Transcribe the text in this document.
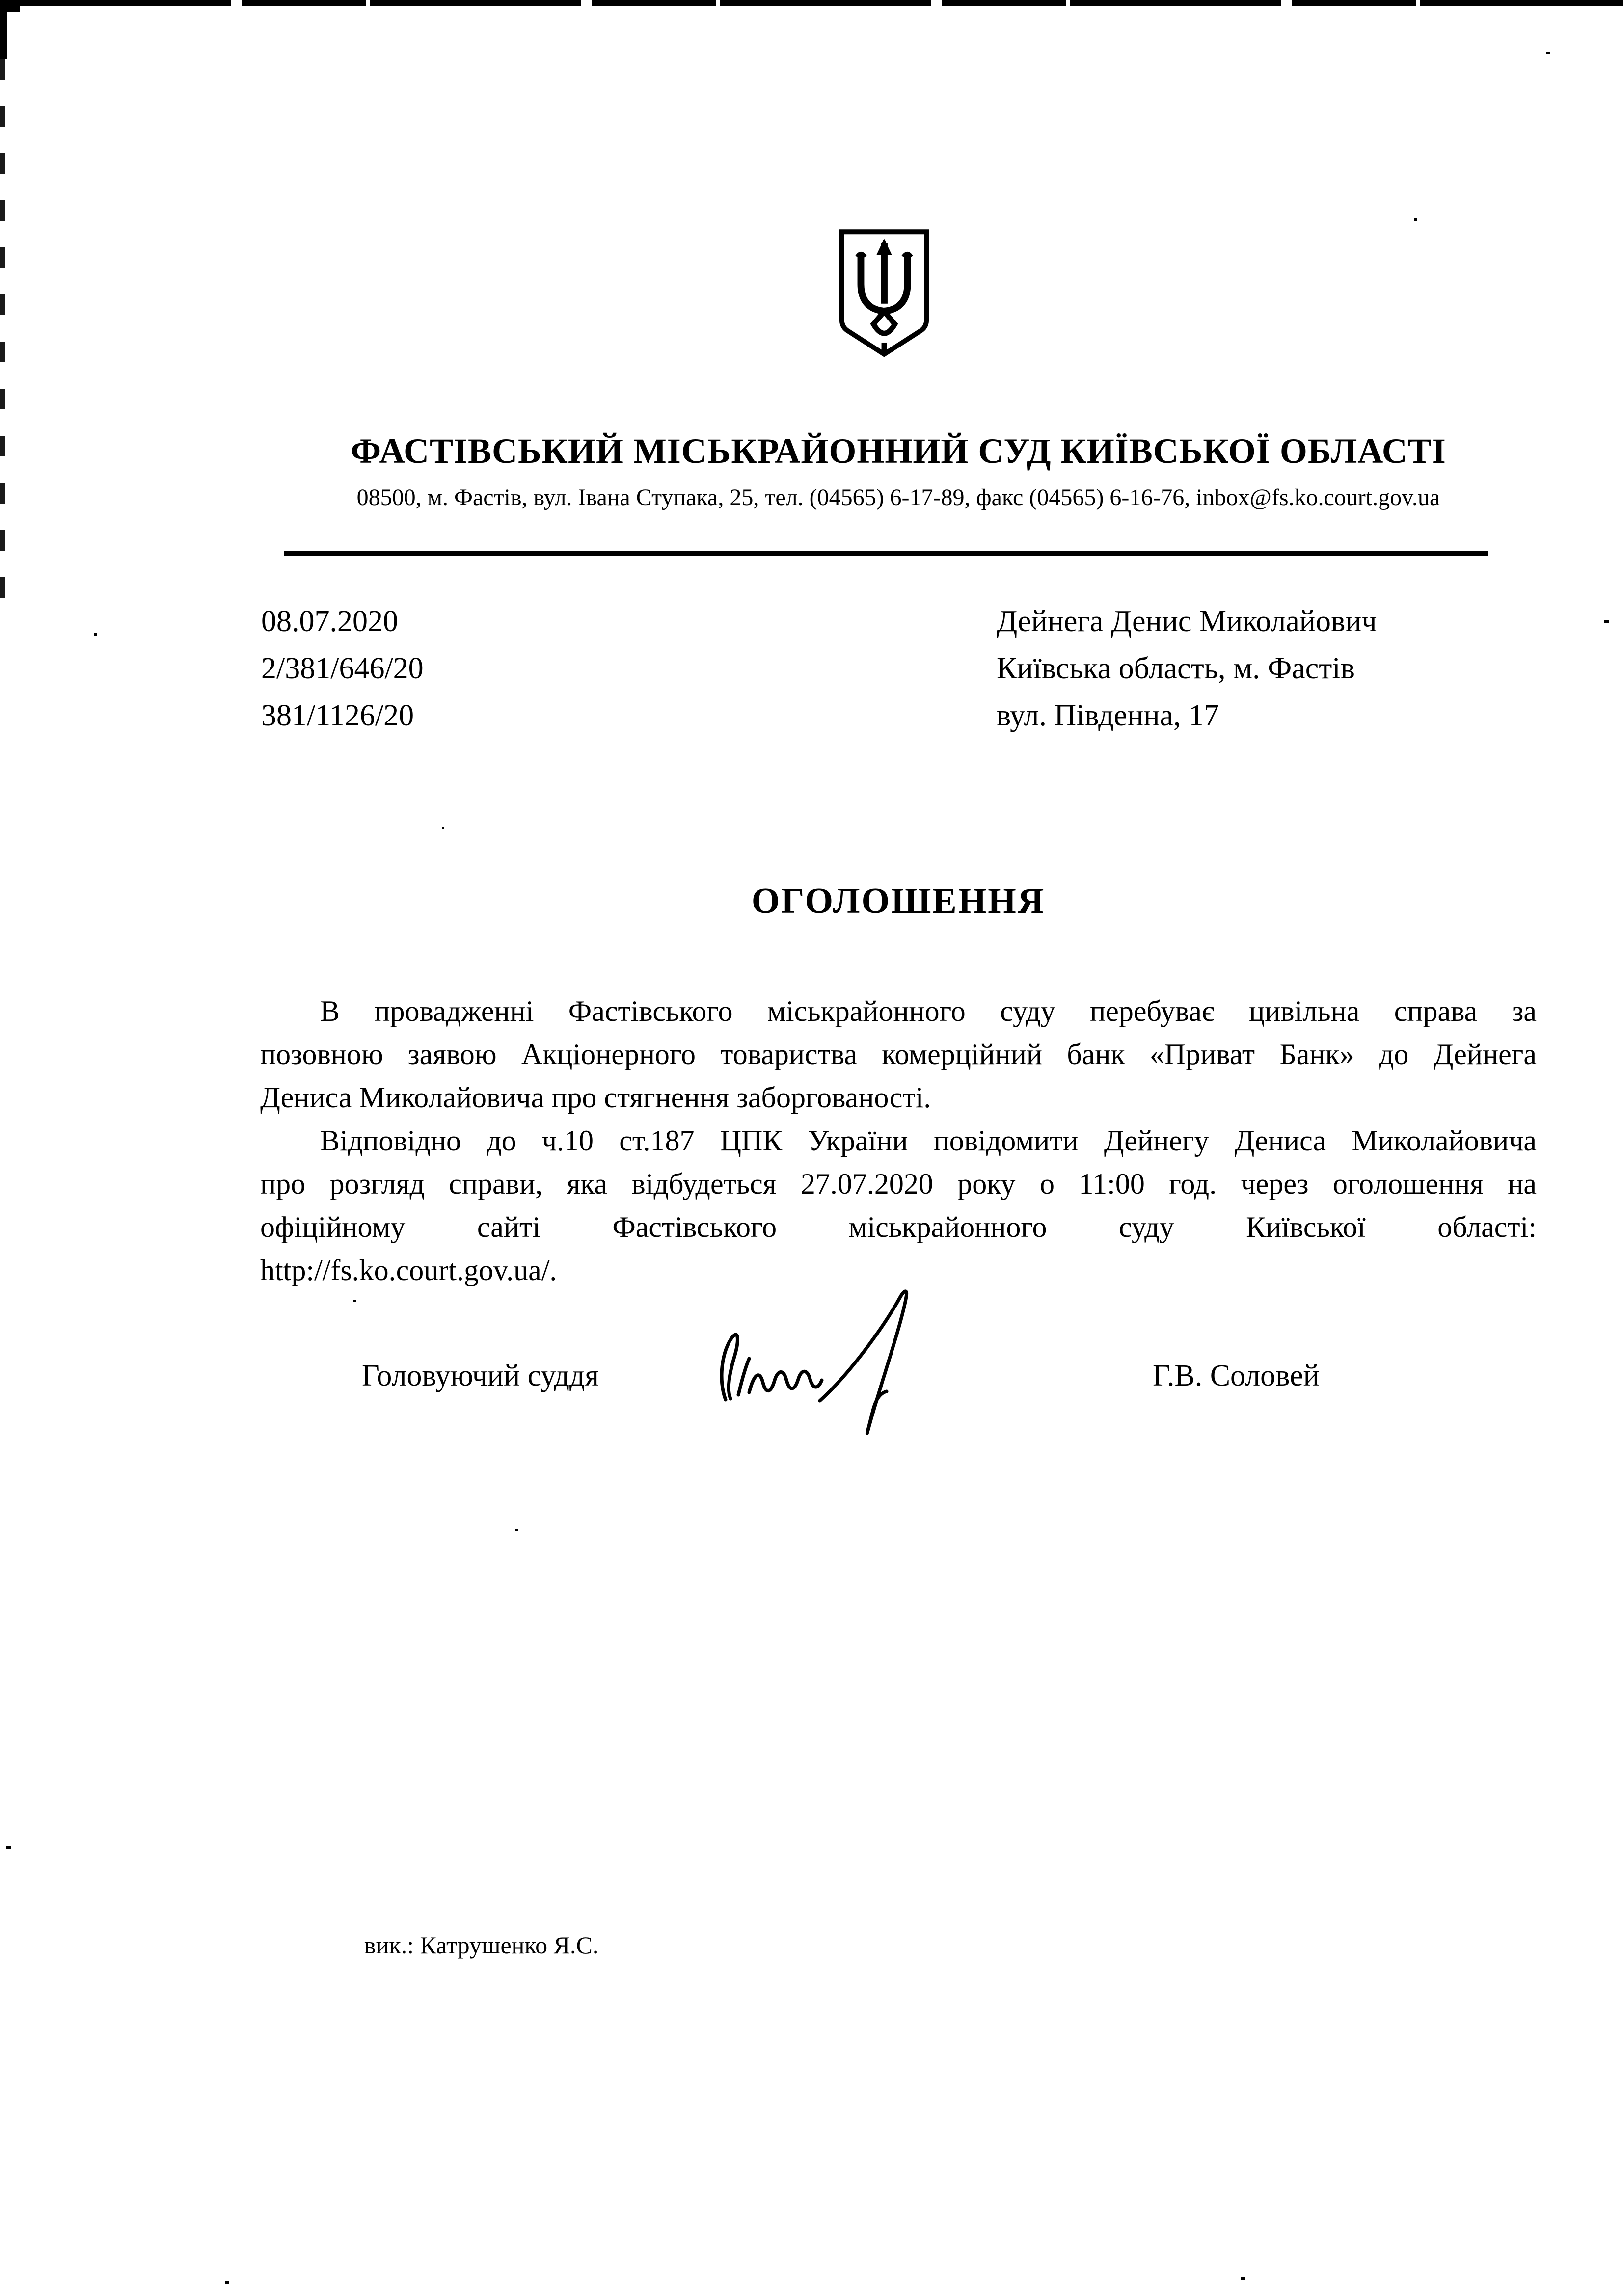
ФАСТІВСЬКИЙ МІСЬКРАЙОННИЙ СУД КИЇВСЬКОЇ ОБЛАСТІ
08500, м. Фастів, вул. Івана Ступака, 25, тел. (04565) 6-17-89, факс (04565) 6-16-76, inbox@fs.ko.court.gov.ua
08.07.2020
2/381/646/20
381/1126/20
Дейнега Денис Миколайович
Київська область, м. Фастів
вул. Південна, 17
ОГОЛОШЕННЯ
В провадженні Фастівського міськрайонного суду перебуває цивільна справа за
позовною заявою Акціонерного товариства комерційний банк «Приват Банк» до Дейнега
Дениса Миколайовича про стягнення заборгованості.
Відповідно до ч.10 ст.187 ЦПК України повідомити Дейнегу Дениса Миколайовича
про розгляд справи, яка відбудеться 27.07.2020 року о 11:00 год. через оголошення на
офіційному сайті Фастівського міськрайонного суду Київської області:
http://fs.ko.court.gov.ua/.
Головуючий суддя	Г.В. Соловей
вик.: Катрушенко Я.С.
